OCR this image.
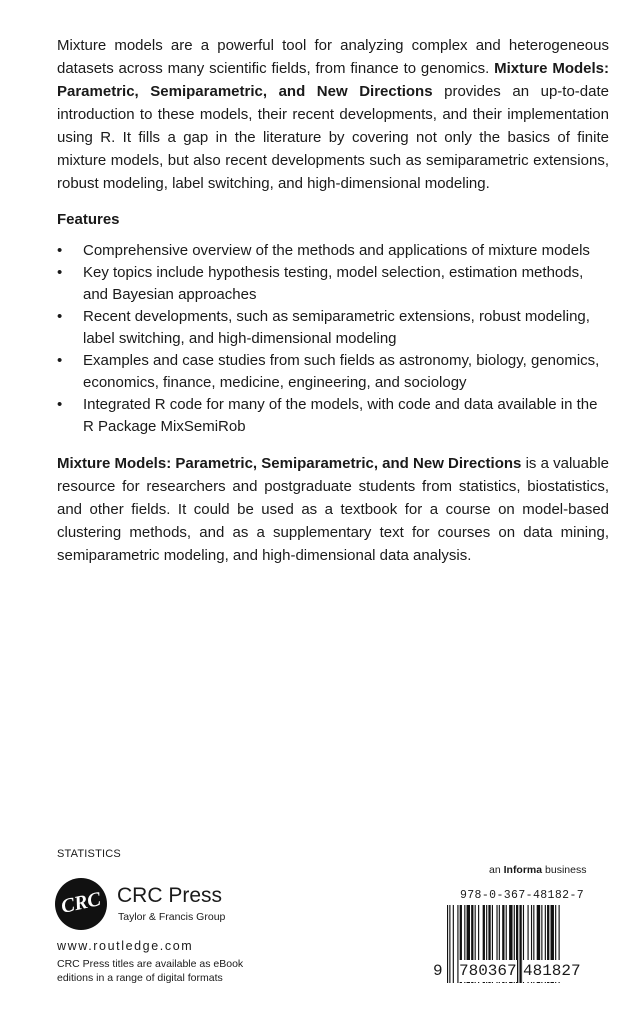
Mixture models are a powerful tool for analyzing complex and heterogeneous datasets across many scientific fields, from finance to genomics. Mixture Models: Parametric, Semiparametric, and New Directions provides an up-to-date introduction to these models, their recent developments, and their implementation using R. It fills a gap in the literature by covering not only the basics of finite mixture models, but also recent developments such as semiparametric extensions, robust modeling, label switching, and high-dimensional modeling.

Features
• Comprehensive overview of the methods and applications of mixture models
• Key topics include hypothesis testing, model selection, estimation methods, and Bayesian approaches
• Recent developments, such as semiparametric extensions, robust modeling, label switching, and high-dimensional modeling
• Examples and case studies from such fields as astronomy, biology, genomics, economics, finance, medicine, engineering, and sociology
• Integrated R code for many of the models, with code and data available in the R Package MixSemiRob

Mixture Models: Parametric, Semiparametric, and New Directions is a valuable resource for researchers and postgraduate students from statistics, biostatistics, and other fields. It could be used as a textbook for a course on model-based clustering methods, and as a supplementary text for courses on data mining, semiparametric modeling, and high-dimensional data analysis.

STATISTICS
CRC CRC Press
Taylor & Francis Group
www.routledge.com
CRC Press titles are available as eBook editions in a range of digital formats
an Informa business
978-0-367-48182-7
9 780367 481827
